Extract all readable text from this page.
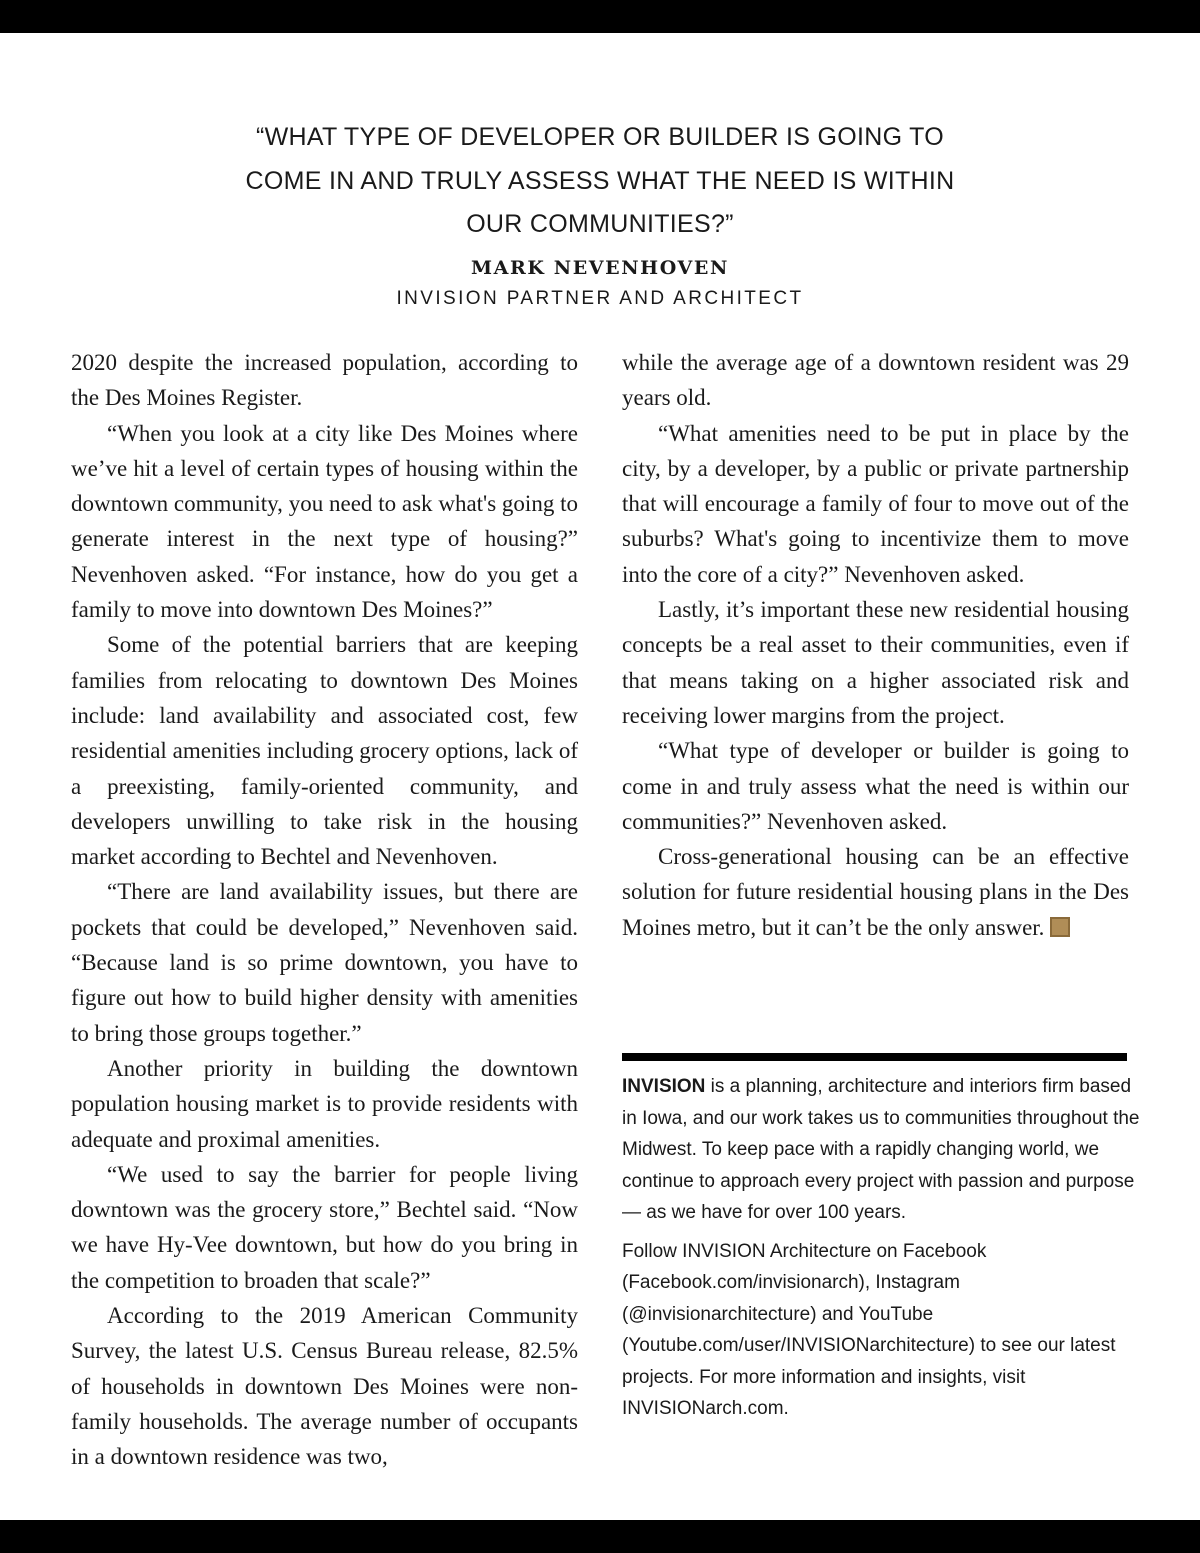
“WHAT TYPE OF DEVELOPER OR BUILDER IS GOING TO
COME IN AND TRULY ASSESS WHAT THE NEED IS WITHIN
OUR COMMUNITIES?”
MARK NEVENHOVEN
INVISION PARTNER AND ARCHITECT

2020 despite the increased population, according to the Des Moines Register.

“When you look at a city like Des Moines where we’ve hit a level of certain types of housing within the downtown community, you need to ask what's going to generate interest in the next type of housing?” Nevenhoven asked. “For instance, how do you get a family to move into downtown Des Moines?”

Some of the potential barriers that are keeping families from relocating to downtown Des Moines include: land availability and associated cost, few residential amenities including grocery options, lack of a preexisting, family-oriented community, and developers unwilling to take risk in the housing market according to Bechtel and Nevenhoven.

“There are land availability issues, but there are pockets that could be developed,” Nevenhoven said. “Because land is so prime downtown, you have to figure out how to build higher density with amenities to bring those groups together.”

Another priority in building the downtown population housing market is to provide residents with adequate and proximal amenities.

“We used to say the barrier for people living downtown was the grocery store,” Bechtel said. “Now we have Hy-Vee downtown, but how do you bring in the competition to broaden that scale?”

According to the 2019 American Community Survey, the latest U.S. Census Bureau release, 82.5% of households in downtown Des Moines were non-family households. The average number of occupants in a downtown residence was two,

while the average age of a downtown resident was 29 years old.

“What amenities need to be put in place by the city, by a developer, by a public or private partnership that will encourage a family of four to move out of the suburbs? What's going to incentivize them to move into the core of a city?” Nevenhoven asked.

Lastly, it’s important these new residential housing concepts be a real asset to their communities, even if that means taking on a higher associated risk and receiving lower margins from the project.

“What type of developer or builder is going to come in and truly assess what the need is within our communities?” Nevenhoven asked.

Cross-generational housing can be an effective solution for future residential housing plans in the Des Moines metro, but it can’t be the only answer.	B

INVISION is a planning, architecture and interiors firm based in Iowa, and our work takes us to communities throughout the Midwest. To keep pace with a rapidly changing world, we continue to approach every project with passion and purpose — as we have for over 100 years.

Follow INVISION Architecture on Facebook (Facebook.com/invisionarch), Instagram (@invisionarchitecture) and YouTube (Youtube.com/user/INVISIONarchitecture) to see our latest projects. For more information and insights, visit INVISIONarch.com.
